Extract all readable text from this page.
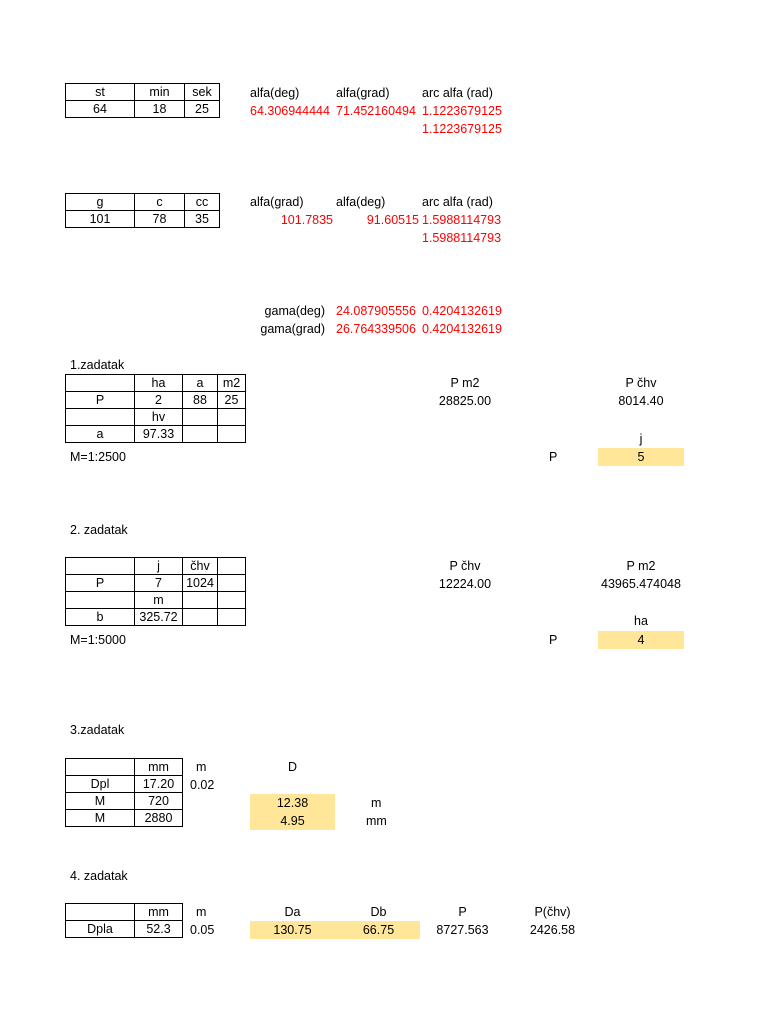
st	min	sek
64	18	25
alfa(deg)	alfa(grad)	arc alfa (rad)
64.306944444 71.452160494 1.1223679125
1.1223679125
g	c	cc
101	78	35
alfa(grad)	alfa(deg)	arc alfa (rad)
101.7835	91.60515 1.5988114793
1.5988114793
gama(deg) 24.087905556 0.4204132619
gama(grad) 26.764339506 0.4204132619
1.zadatak
	ha	a	m2
P	2	88	25
	hv		
a	97.33		
M=1:2500
P m2
28825.00
P čhv
8014.40
j
P	5
2. zadatak
	j	čhv	
P	7	1024	
	m		
b	325.72		
M=1:5000
P čhv
12224.00
P m2
43965.474048
ha
P	4
3.zadatak
	mm
Dpl	17.20
M	720
M	2880
m
0.02
D
12.38	m
4.95	mm
4. zadatak
	mm
Dpla	52.3
m
0.05
Da	Db	P	P(čhv)
130.75	66.75	8727.563	2426.58
